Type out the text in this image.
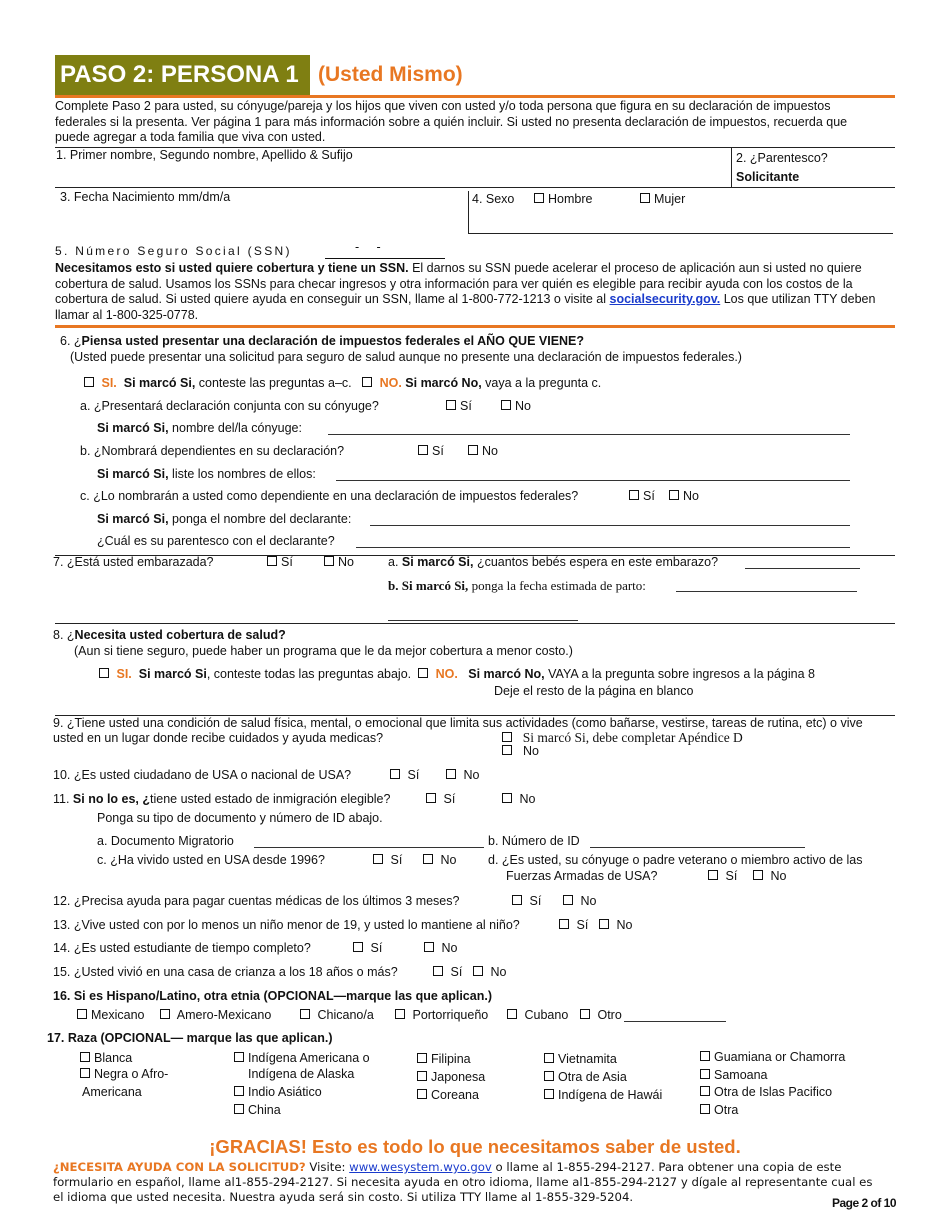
PASO 2: PERSONA 1 (Usted Mismo)
Complete Paso 2 para usted, su cónyuge/pareja y los hijos que viven con usted y/o toda persona que figura en su declaración de impuestos federales si la presenta. Ver página 1 para más información sobre a quién incluir. Si usted no presenta declaración de impuestos, recuerda que puede agregar a toda familia que viva con usted.
1. Primer nombre, Segundo nombre, Apellido & Sufijo	2. ¿Parentesco?
Solicitante
3. Fecha Nacimiento mm/dm/a	4. Sexo	Hombre	Mujer
5. Número Seguro Social (SSN)	-     -
Necesitamos esto si usted quiere cobertura y tiene un SSN. El darnos su SSN puede acelerar el proceso de aplicación aun si usted no quiere cobertura de salud. Usamos los SSNs para checar ingresos y otra información para ver quién es elegible para recibir ayuda con los costos de la cobertura de salud. Si usted quiere ayuda en conseguir un SSN, llame al 1-800-772-1213 o visite al socialsecurity.gov. Los que utilizan TTY deben llamar al 1-800-325-0778.
6. ¿Piensa usted presentar una declaración de impuestos federales el AÑO QUE VIENE?
(Usted puede presentar una solicitud para seguro de salud aunque no presente una declaración de impuestos federales.)
SI. Si marcó Si, conteste las preguntas a–c. NO. Si marcó No, vaya a la pregunta c.
a. ¿Presentará declaración conjunta con su cónyuge?	Sí	No
Si marcó Si, nombre del/la cónyuge:
b. ¿Nombrará dependientes en su declaración?	Sí	No
Si marcó Si, liste los nombres de ellos:
c. ¿Lo nombrarán a usted como dependiente en una declaración de impuestos federales?	Sí	No
Si marcó Si, ponga el nombre del declarante:
¿Cuál es su parentesco con el declarante?
7. ¿Está usted embarazada?	Sí	No	a. Si marcó Si, ¿cuantos bebés espera en este embarazo?
b. Si marcó Si, ponga la fecha estimada de parto:
8. ¿Necesita usted cobertura de salud?
(Aun si tiene seguro, puede haber un programa que le da mejor cobertura a menor costo.)
SI. Si marcó Si, conteste todas las preguntas abajo. NO. Si marcó No, VAYA a la pregunta sobre ingresos a la página 8
Deje el resto de la página en blanco
9. ¿Tiene usted una condición de salud física, mental, o emocional que limita sus actividades (como bañarse, vestirse, tareas de rutina, etc) o vive usted en un lugar donde recibe cuidados y ayuda medicas?	Si marcó Si, debe completar Apéndice D
No
10. ¿Es usted ciudadano de USA o nacional de USA?	Sí	No
11. Si no lo es, ¿tiene usted estado de inmigración elegible?	Sí	No
Ponga su tipo de documento y número de ID abajo.
a. Documento Migratorio	b. Número de ID
c. ¿Ha vivido usted en USA desde 1996?	Sí	No	d. ¿Es usted, su cónyuge o padre veterano o miembro activo de las
Fuerzas Armadas de USA?	Sí	No
12. ¿Precisa ayuda para pagar cuentas médicas de los últimos 3 meses?	Sí	No
13. ¿Vive usted con por lo menos un niño menor de 19, y usted lo mantiene al niño?	Sí	No
14. ¿Es usted estudiante de tiempo completo?	Sí	No
15. ¿Usted vivió en una casa de crianza a los 18 años o más?	Sí	No
16. Si es Hispano/Latino, otra etnia (OPCIONAL—marque las que aplican.)
Mexicano	Amero-Mexicano	Chicano/a	Portorriqueño	Cubano	Otro
17. Raza (OPCIONAL— marque las que aplican.)
Blanca
Negra o Afro-
Americana
Indígena Americana o
Indígena de Alaska
Indio Asiático
China
Filipina
Japonesa
Coreana
Vietnamita
Otra de Asia
Indígena de Hawái
Guamiana or Chamorra
Samoana
Otra de Islas Pacifico
Otra
¡GRACIAS! Esto es todo lo que necesitamos saber de usted.
¿NECESITA AYUDA CON LA SOLICITUD? Visite: www.wesystem.wyo.gov o llame al 1-855-294-2127. Para obtener una copia de este formulario en español, llame al1-855-294-2127. Si necesita ayuda en otro idioma, llame al1-855-294-2127 y dígale al representante cual es el idioma que usted necesita. Nuestra ayuda será sin costo. Si utiliza TTY llame al 1-855-329-5204.	Page 2 of 10
